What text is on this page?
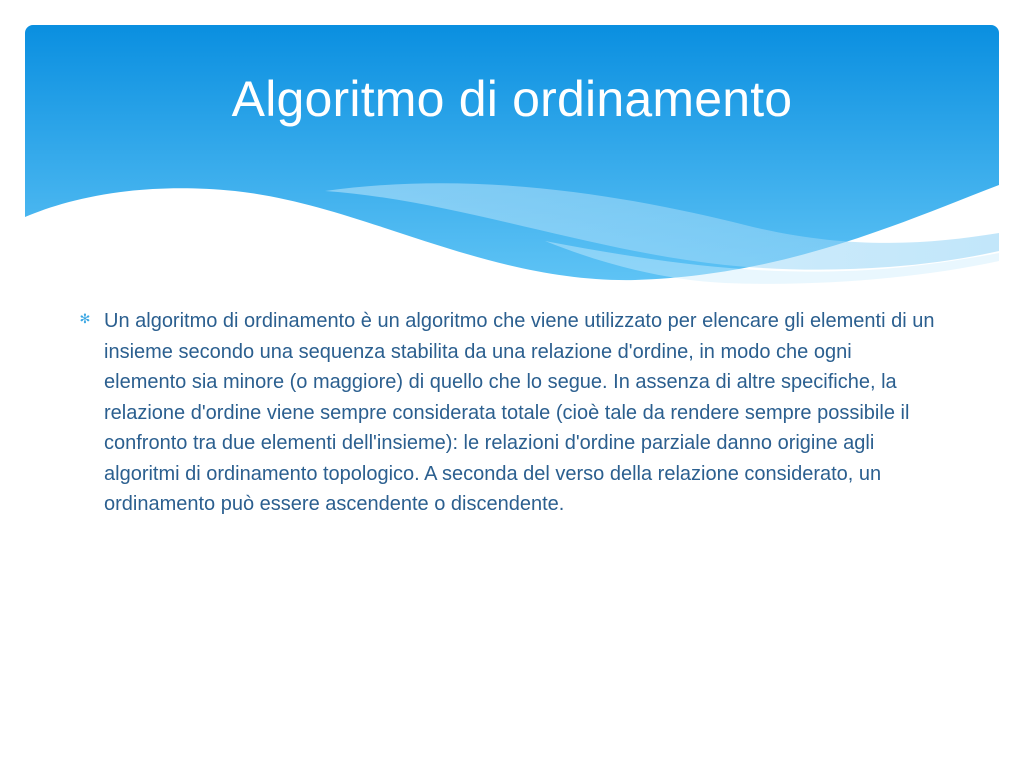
Algoritmo di ordinamento
✻ Un algoritmo di ordinamento è un algoritmo che viene utilizzato per elencare gli elementi di un insieme secondo una sequenza stabilita da una relazione d'ordine, in modo che ogni elemento sia minore (o maggiore) di quello che lo segue. In assenza di altre specifiche, la relazione d'ordine viene sempre considerata totale (cioè tale da rendere sempre possibile il confronto tra due elementi dell'insieme): le relazioni d'ordine parziale danno origine agli algoritmi di ordinamento topologico. A seconda del verso della relazione considerato, un ordinamento può essere ascendente o discendente.
